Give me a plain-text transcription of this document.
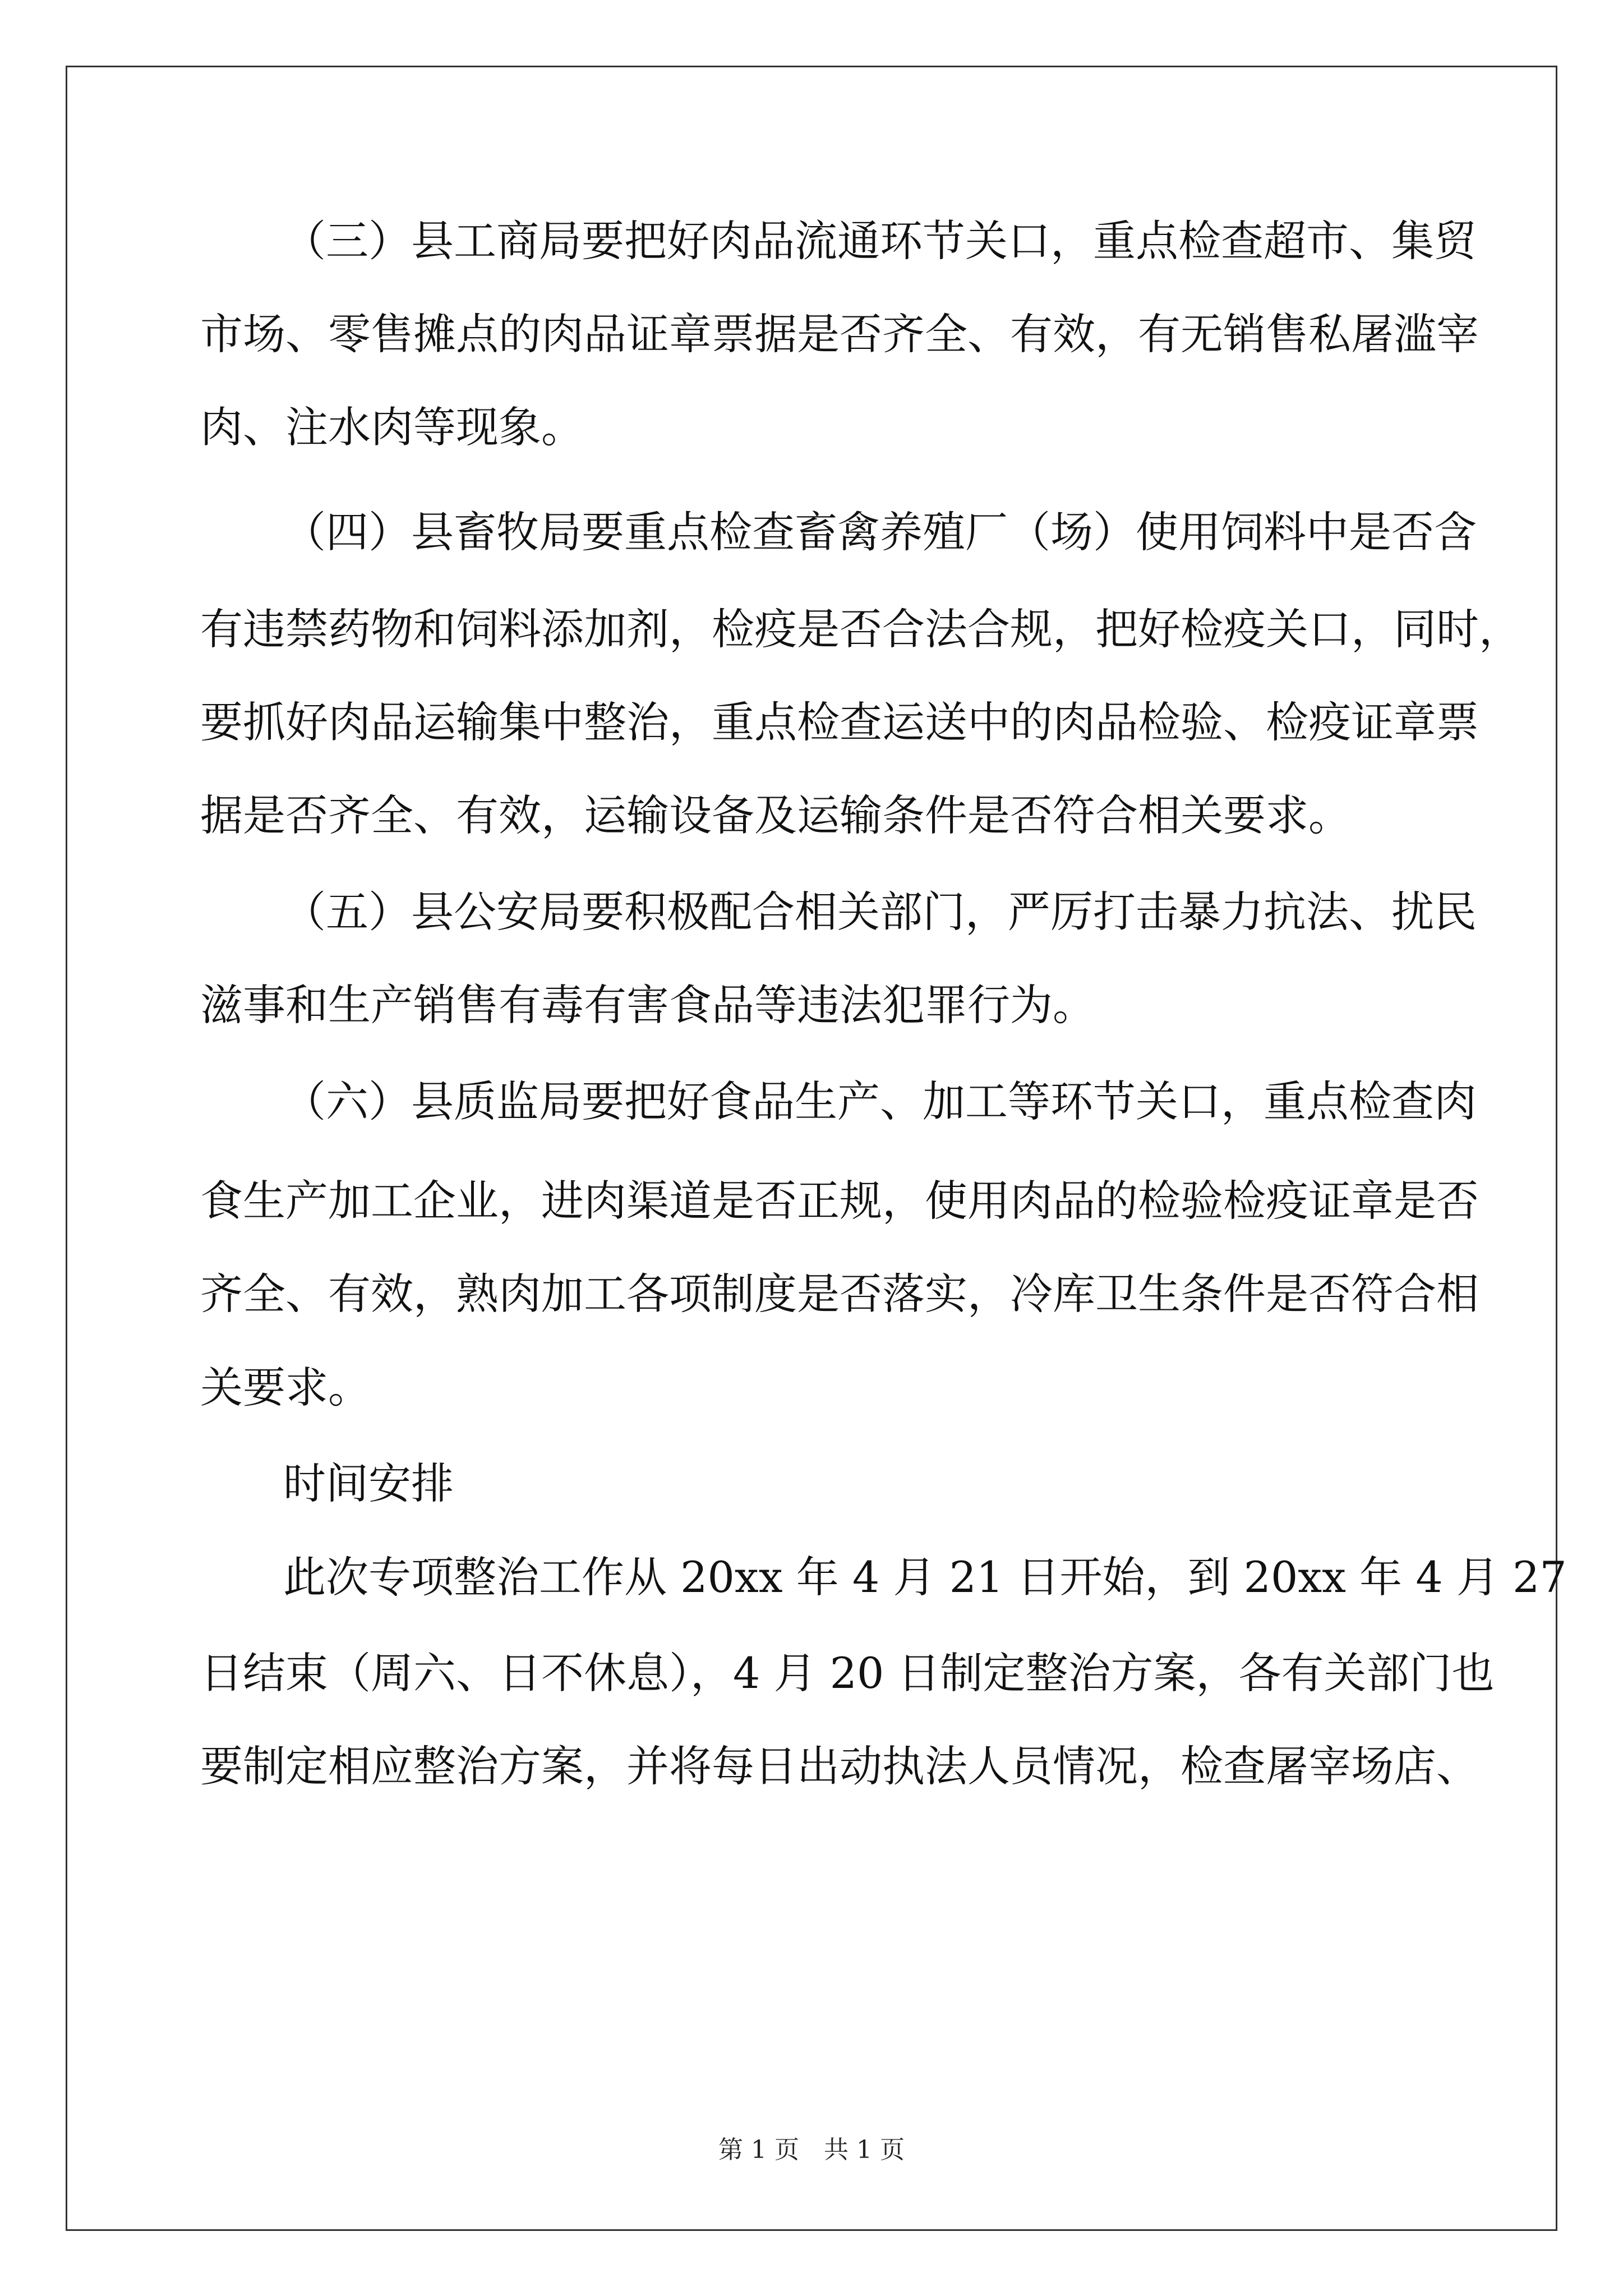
（三）县工商局要把好肉品流通环节关口，重点检查超市、集贸
市场、零售摊点的肉品证章票据是否齐全、有效，有无销售私屠滥宰
肉、注水肉等现象。
（四）县畜牧局要重点检查畜禽养殖厂（场）使用饲料中是否含
有违禁药物和饲料添加剂，检疫是否合法合规，把好检疫关口，同时，
要抓好肉品运输集中整治，重点检查运送中的肉品检验、检疫证章票
据是否齐全、有效，运输设备及运输条件是否符合相关要求。
（五）县公安局要积极配合相关部门，严厉打击暴力抗法、扰民
滋事和生产销售有毒有害食品等违法犯罪行为。
（六）县质监局要把好食品生产、加工等环节关口，重点检查肉
食生产加工企业，进肉渠道是否正规，使用肉品的检验检疫证章是否
齐全、有效，熟肉加工各项制度是否落实，冷库卫生条件是否符合相
关要求。
时间安排
此次专项整治工作从 20xx 年 4 月 21 日开始，到 20xx 年 4 月 27
日结束（周六、日不休息），4 月 20 日制定整治方案，各有关部门也
要制定相应整治方案，并将每日出动执法人员情况，检查屠宰场店、
第 1 页　共 1 页
